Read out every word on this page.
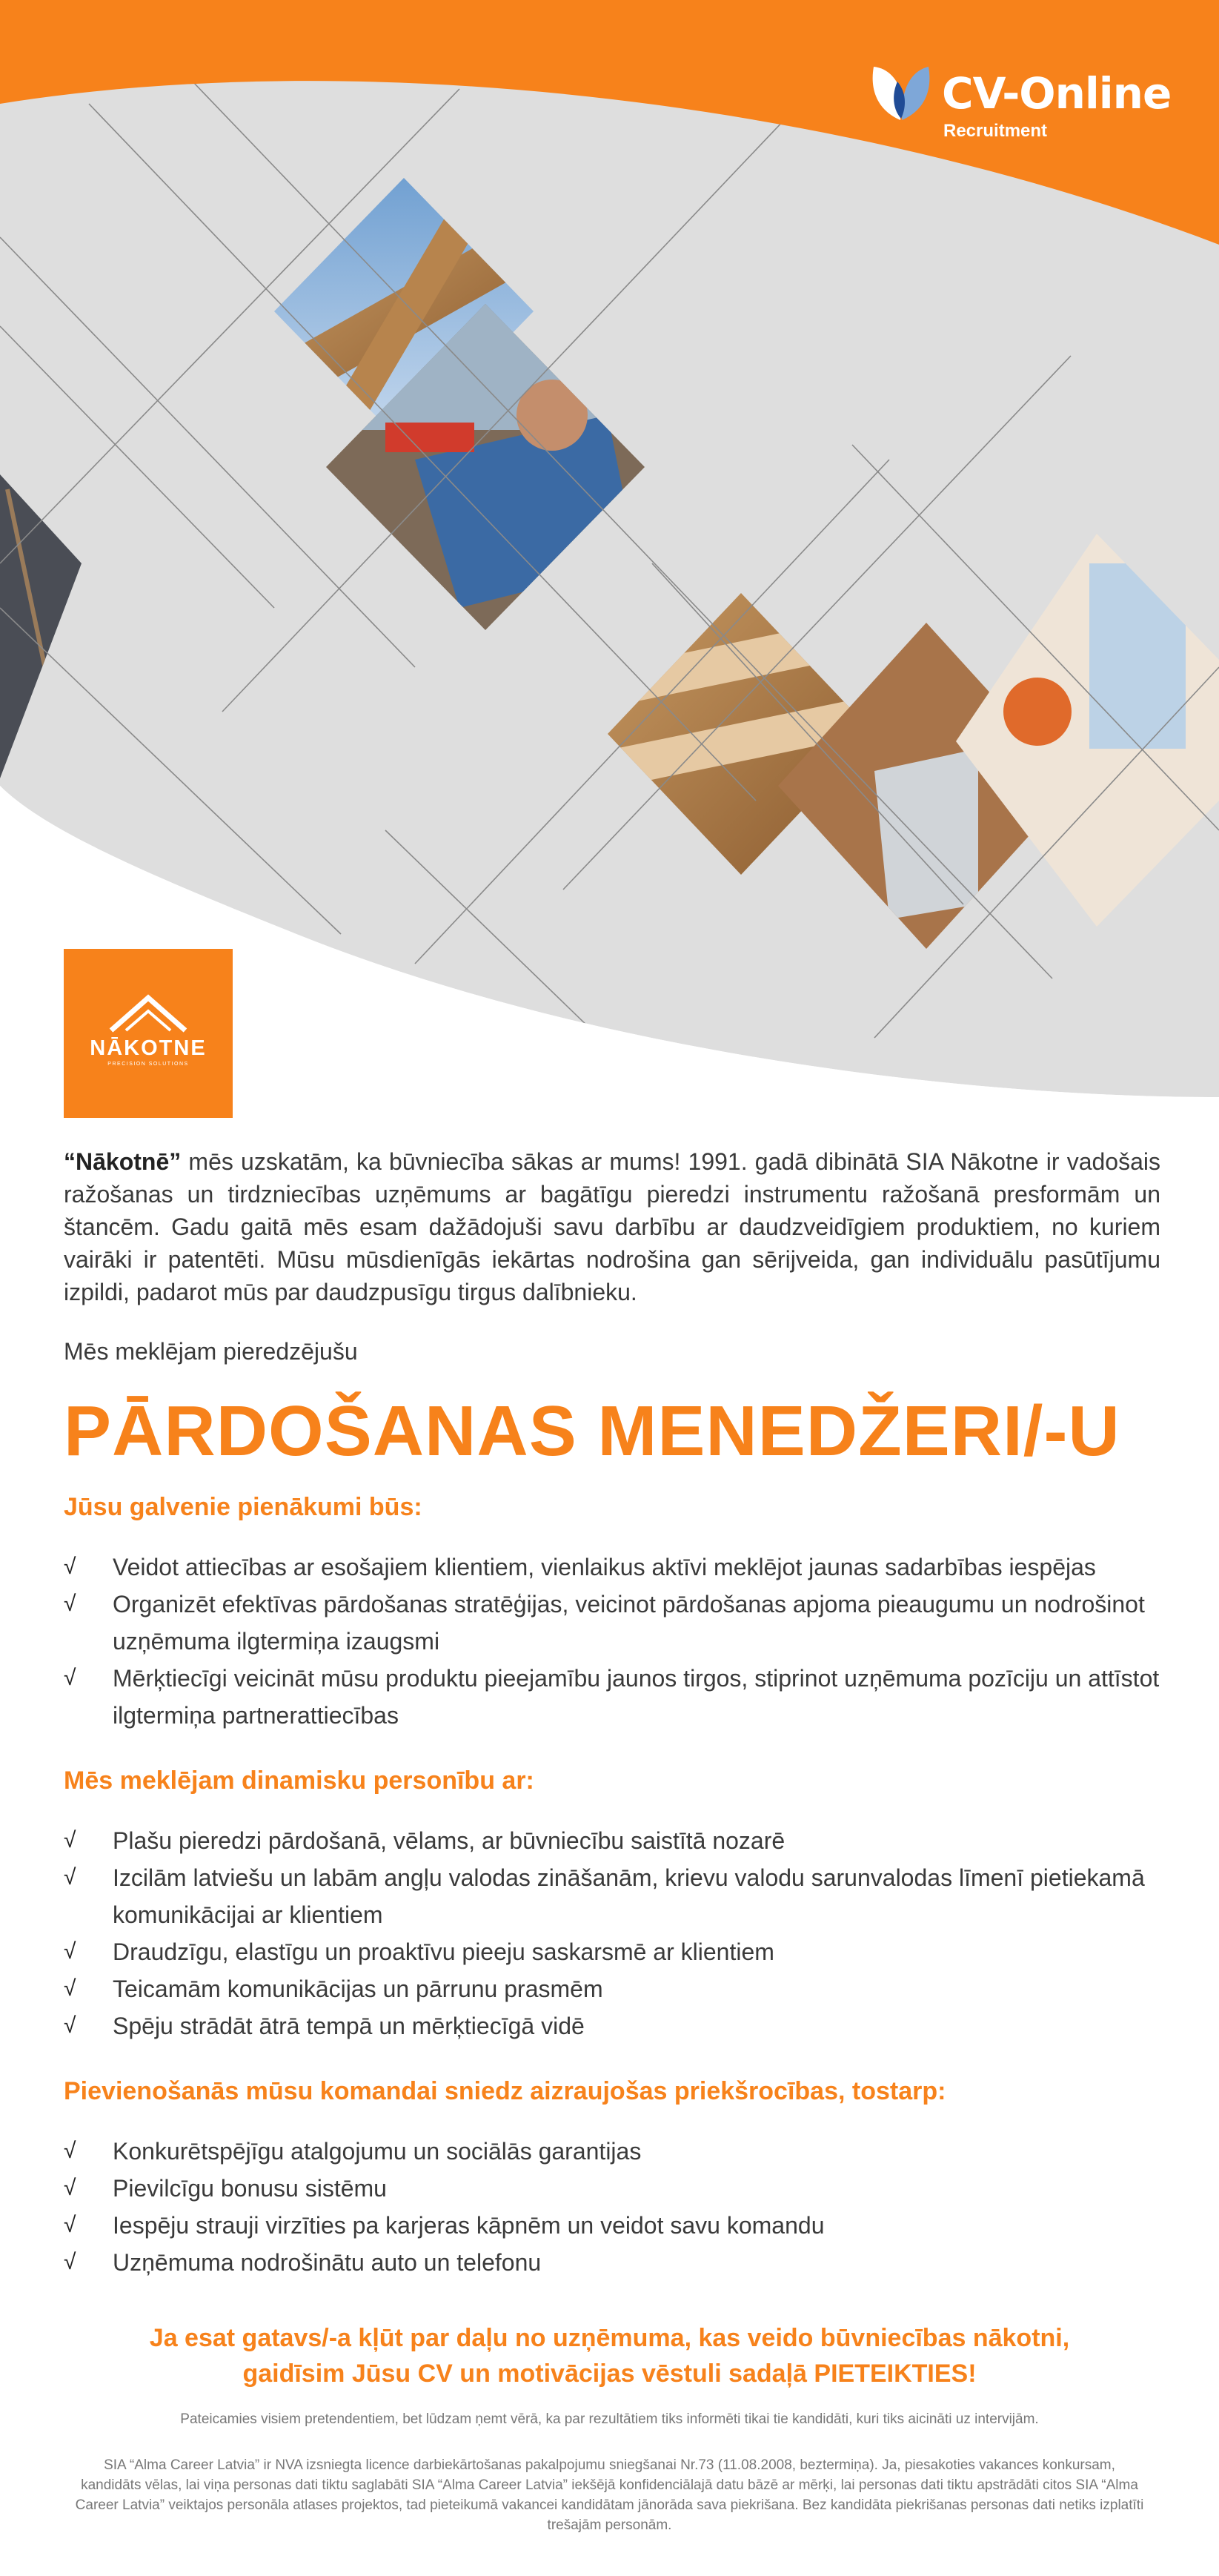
CV-Online
Recruitment
NĀKOTNE
PRECISION SOLUTIONS

“Nākotnē” mēs uzskatām, ka būvniecība sākas ar mums! 1991. gadā dibinātā SIA Nākotne ir vadošais ražošanas un tirdzniecības uzņēmums ar bagātīgu pieredzi instrumentu ražošanā presformām un štancēm. Gadu gaitā mēs esam dažādojuši savu darbību ar daudzveidīgiem produktiem, no kuriem vairāki ir patentēti. Mūsu mūsdienīgās iekārtas nodrošina gan sērijveida, gan individuālu pasūtījumu izpildi, padarot mūs par daudzpusīgu tirgus dalībnieku.

Mēs meklējam pieredzējušu

PĀRDOŠANAS MENEDŽERI/-U
Jūsu galvenie pienākumi būs:
√ Veidot attiecības ar esošajiem klientiem, vienlaikus aktīvi meklējot jaunas sadarbības iespējas
√ Organizēt efektīvas pārdošanas stratēģijas, veicinot pārdošanas apjoma pieaugumu un nodrošinot uzņēmuma ilgtermiņa izaugsmi
√ Mērķtiecīgi veicināt mūsu produktu pieejamību jaunos tirgos, stiprinot uzņēmuma pozīciju un attīstot ilgtermiņa partnerattiecības
Mēs meklējam dinamisku personību ar:
√ Plašu pieredzi pārdošanā, vēlams, ar būvniecību saistītā nozarē
√ Izcilām latviešu un labām angļu valodas zināšanām, krievu valodu sarunvalodas līmenī pietiekamā komunikācijai ar klientiem
√ Draudzīgu, elastīgu un proaktīvu pieeju saskarsmē ar klientiem
√ Teicamām komunikācijas un pārrunu prasmēm
√ Spēju strādāt ātrā tempā un mērķtiecīgā vidē
Pievienošanās mūsu komandai sniedz aizraujošas priekšrocības, tostarp:
√ Konkurētspējīgu atalgojumu un sociālās garantijas
√ Pievilcīgu bonusu sistēmu
√ Iespēju strauji virzīties pa karjeras kāpnēm un veidot savu komandu
√ Uzņēmuma nodrošinātu auto un telefonu
Ja esat gatavs/-a kļūt par daļu no uzņēmuma, kas veido būvniecības nākotni,
gaidīsim Jūsu CV un motivācijas vēstuli sadaļā PIETEIKTIES!

Pateicamies visiem pretendentiem, bet lūdzam ņemt vērā, ka par rezultātiem tiks informēti tikai tie kandidāti, kuri tiks aicināti uz intervijām.

SIA “Alma Career Latvia” ir NVA izsniegta licence darbiekārtošanas pakalpojumu sniegšanai Nr.73 (11.08.2008, beztermiņa). Ja, piesakoties vakances konkursam, kandidāts vēlas, lai viņa personas dati tiktu saglabāti SIA “Alma Career Latvia” iekšējā konfidenciālajā datu bāzē ar mērķi, lai personas dati tiktu apstrādāti citos SIA “Alma Career Latvia” veiktajos personāla atlases projektos, tad pieteikumā vakancei kandidātam jānorāda sava piekrišana. Bez kandidāta piekrišanas personas dati netiks izplatīti trešajām personām.
